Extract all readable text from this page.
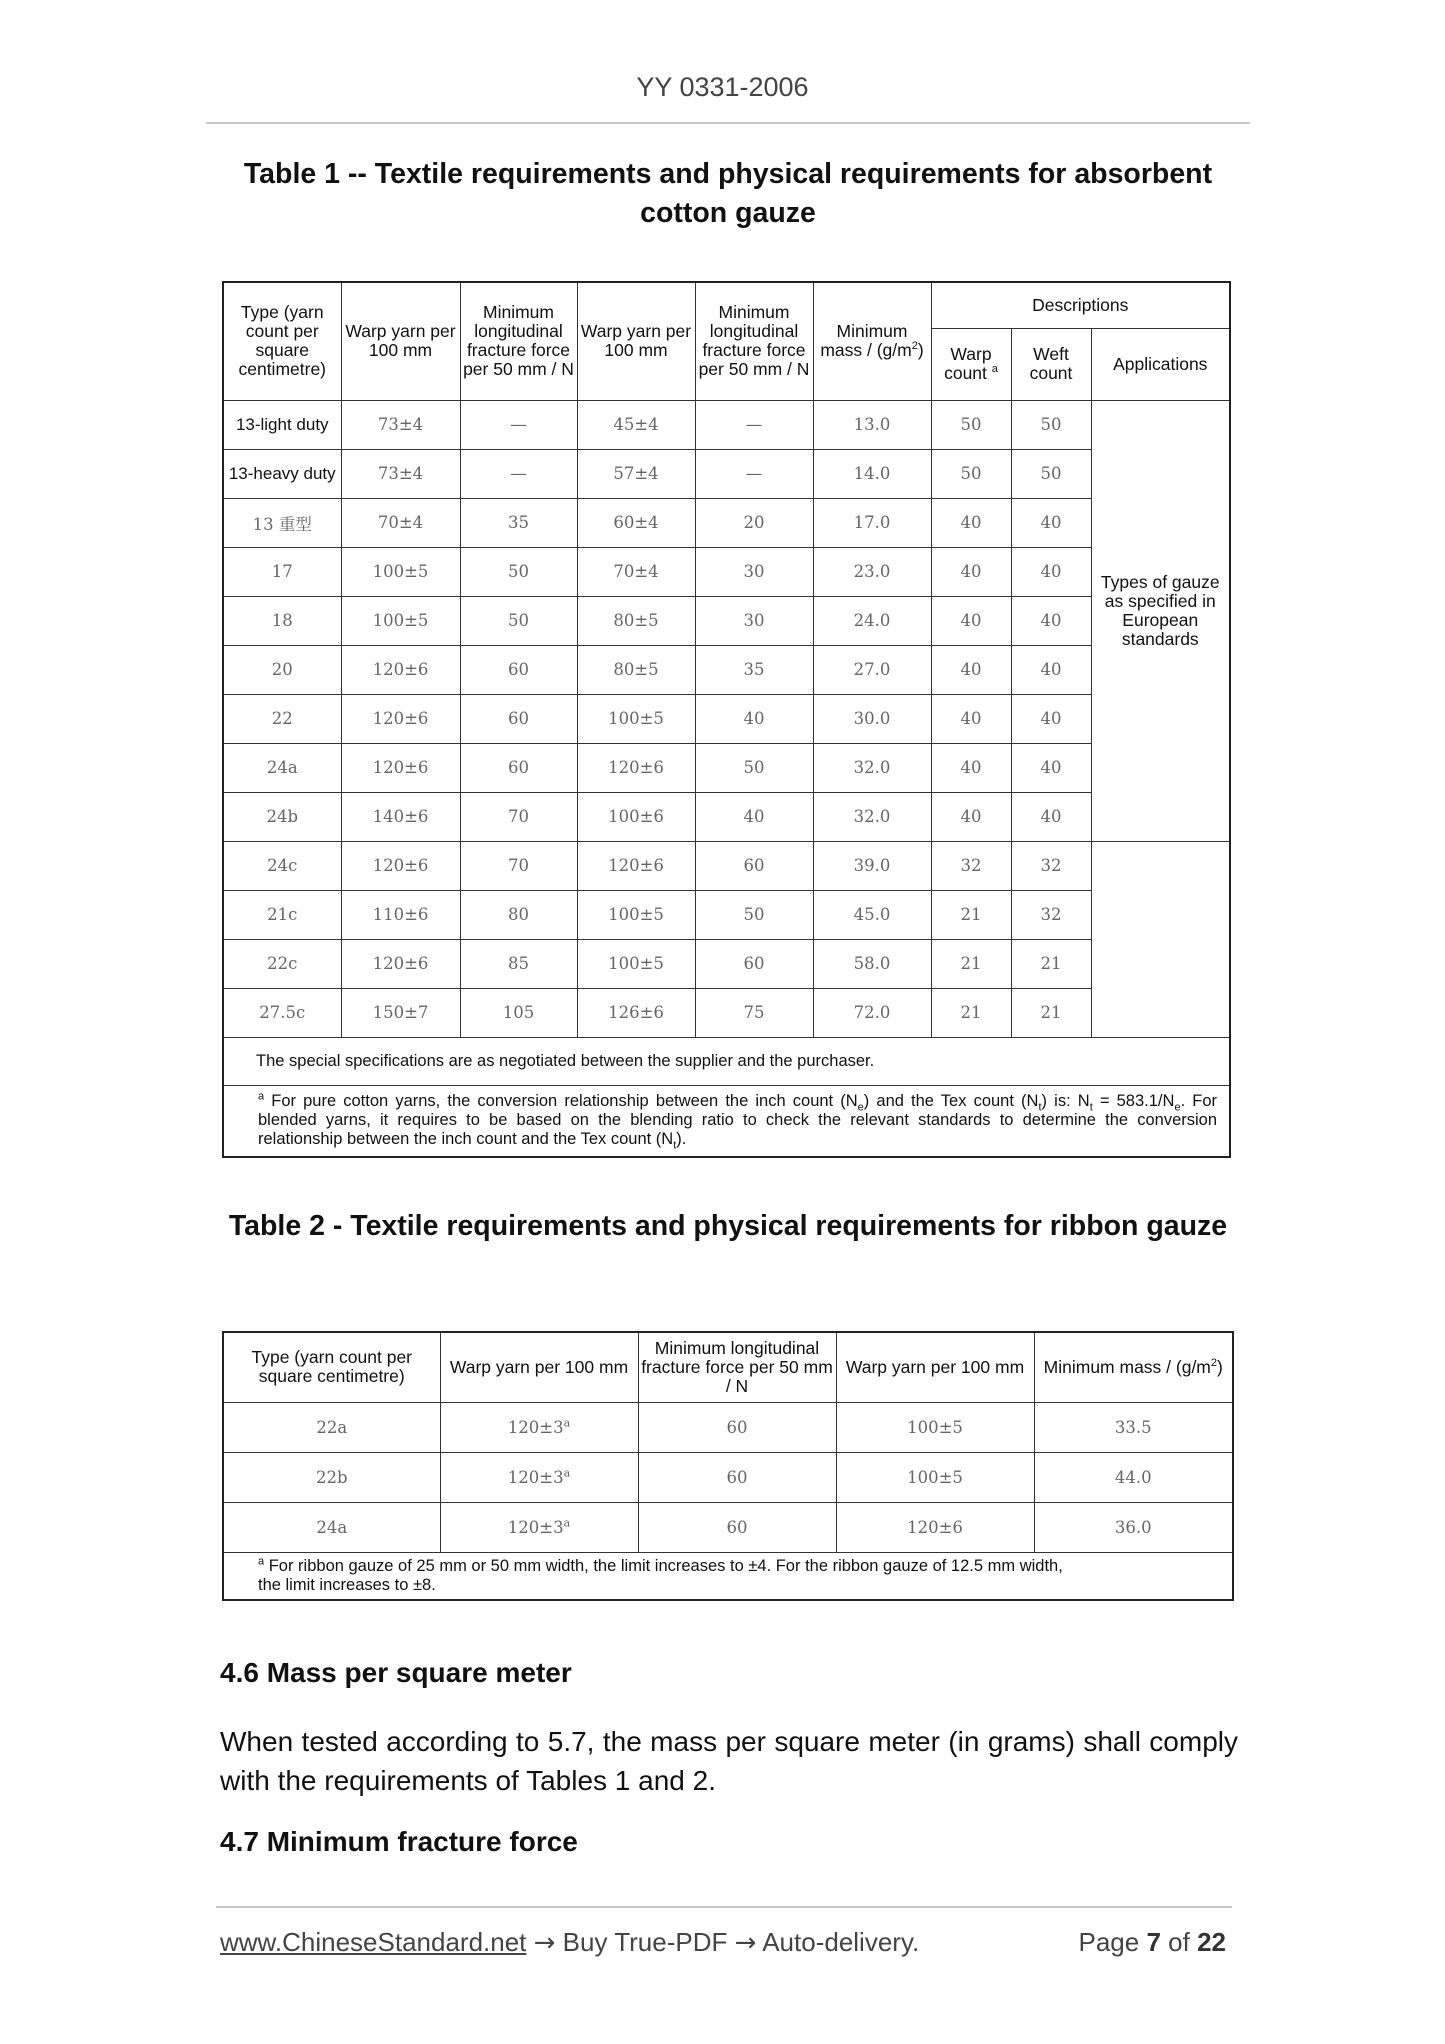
YY 0331-2006
Table 1 -- Textile requirements and physical requirements for absorbent cotton gauze
Type (yarn count per square centimetre)	Warp yarn per 100 mm	Minimum longitudinal fracture force per 50 mm / N	Warp yarn per 100 mm	Minimum longitudinal fracture force per 50 mm / N	Minimum mass / $(g/m^2)$	Descriptions		
						Warp count $^a$	Weft count	Applications
13-light duty	73±4	—	45±4	—	13.0	50	50	Types of gauze as specified in European standards
13-heavy duty	73±4	—	57±4	—	14.0	50	50	
13 重型	70±4	35	60±4	20	17.0	40	40	
17	100±5	50	70±4	30	23.0	40	40	
18	100±5	50	80±5	30	24.0	40	40	
20	120±6	60	80±5	35	27.0	40	40	
22	120±6	60	100±5	40	30.0	40	40	
24a	120±6	60	120±6	50	32.0	40	40	
24b	140±6	70	100±6	40	32.0	40	40	
24c	120±6	70	120±6	60	39.0	32	32	
21c	110±6	80	100±5	50	45.0	21	32	
22c	120±6	85	100±5	60	58.0	21	21	
27.5c	150±7	105	126±6	75	72.0	21	21	
The special specifications are as negotiated between the supplier and the purchaser.								
$^a$ For pure cotton yarns, the conversion relationship between the inch count $(N_e)$ and the Tex count $(N_t)$ is: $N_t = 583.1/N_e$. For blended yarns, it requires to be based on the blending ratio to check the relevant standards to determine the conversion relationship between the inch count and the Tex count $(N_t)$.								
Table 2 - Textile requirements and physical requirements for ribbon gauze
Type (yarn count per square centimetre)	Warp yarn per 100 mm	Minimum longitudinal fracture force per 50 mm / N	Warp yarn per 100 mm	Minimum mass / $(g/m^2)$
22a	$120\pm 3^a$	60	100±5	33.5
22b	$120\pm 3^a$	60	100±5	44.0
24a	$120\pm 3^a$	60	120±6	36.0
$^a$ For ribbon gauze of 25 mm or 50 mm width, the limit increases to ±4. For the ribbon gauze of 12.5 mm width, the limit increases to ±8.				
4.6 Mass per square meter
When tested according to 5.7, the mass per square meter (in grams) shall comply with the requirements of Tables 1 and 2.
4.7 Minimum fracture force
www.ChineseStandard.net → Buy True-PDF → Auto-delivery.	Page 7 of 22
